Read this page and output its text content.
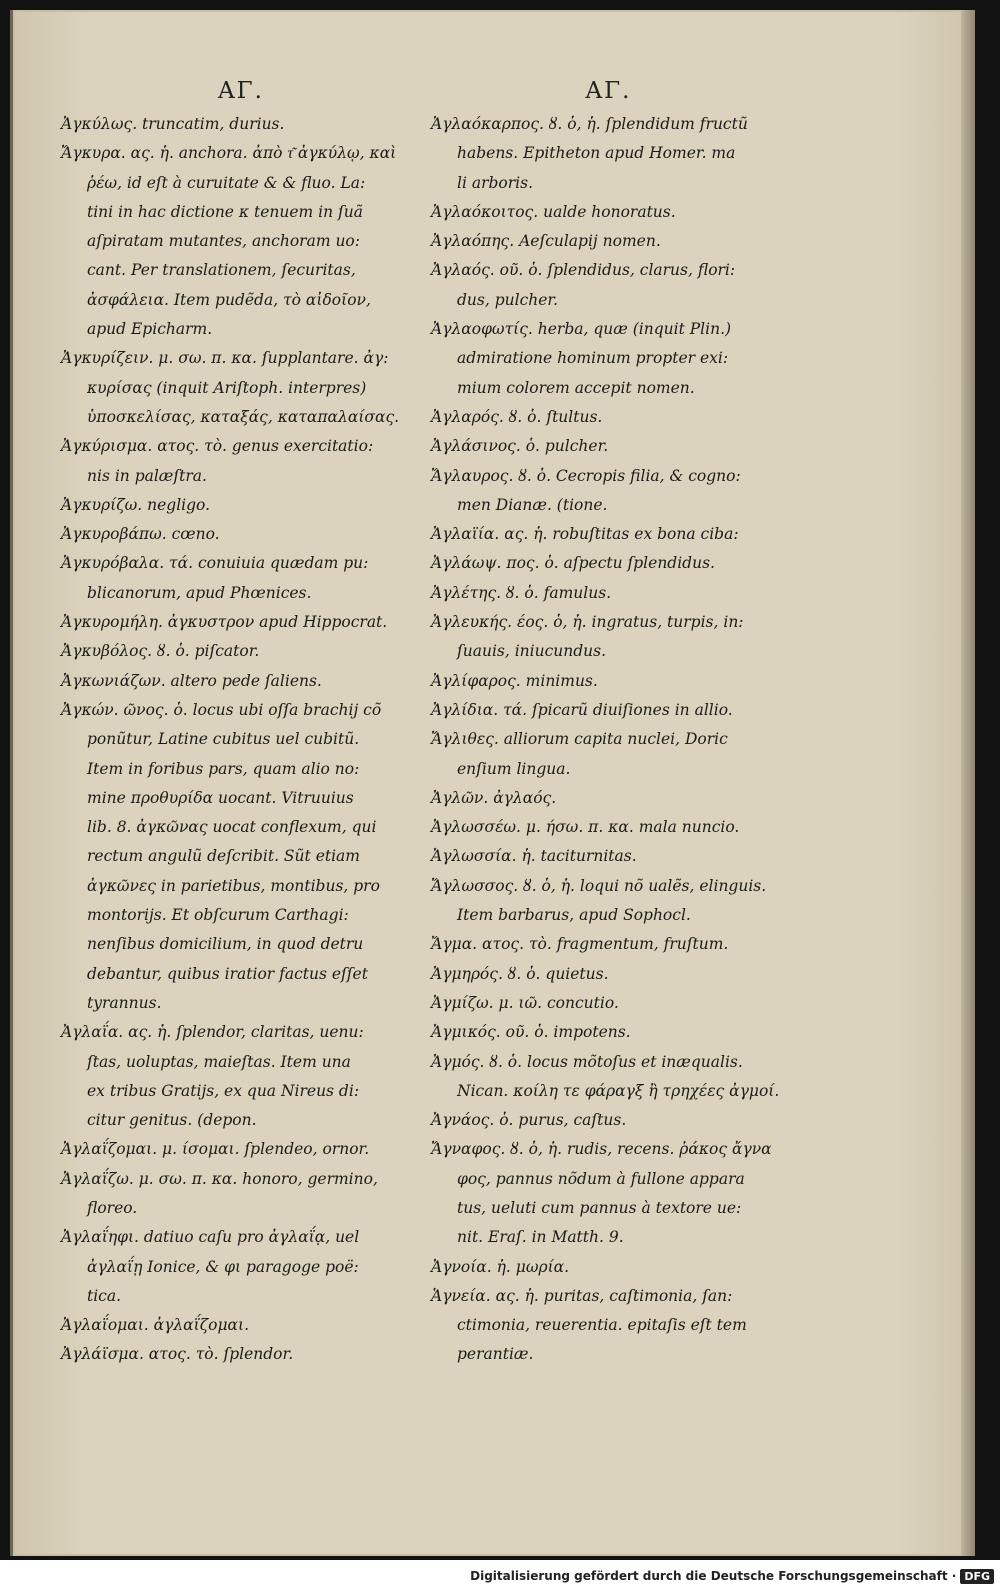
ΑΓ.
Ἀγκύλως. truncatim, durius.
Ἄγκυρα. ας. ἡ. anchora. ἀπὸ τ͂ ἀγκύλῳ, καὶ
ῥέω, id eſt à curuitate & & fluo. La:
tini in hac dictione κ tenuem in ſuã
aſpiratam mutantes, anchoram uo:
cant. Per translationem, ſecuritas,
ἀσφάλεια. Item pudẽda, τὸ αἰδοῖον,
apud Epicharm.
Ἀγκυρίζειν. μ. σω. π. κα. ſupplantare. ἀγ:
κυρίσας (inquit Ariſtoph. interpres)
ὑποσκελίσας, καταξάς, καταπαλαίσας.
Ἀγκύρισμα. ατος. τὸ. genus exercitatio:
nis in palæſtra.
Ἀγκυρίζω. negligo.
Ἀγκυροβάπω. cœno.
Ἀγκυρόβαλα. τά. conuiuia quædam pu:
blicanorum, apud Phœnices.
Ἀγκυρομήλη. ἀγκυστρον apud Hippocrat.
Ἀγκυβόλος. ȣ. ὁ. piſcator.
Ἀγκωνιάζων. altero pede ſaliens.
Ἀγκών. ῶνος. ὁ. locus ubi oſſa brachij cõ
ponũtur, Latine cubitus uel cubitũ.
Item in foribus pars, quam alio no:
mine προθυρίδα uocant. Vitruuius
lib. 8. ἀγκῶνας uocat conflexum, qui
rectum angulũ deſcribit. Sũt etiam
ἀγκῶνες in parietibus, montibus, pro
montorijs. Et obſcurum Carthagi:
nenſibus domicilium, in quod detru
debantur, quibus iratior factus eſſet
tyrannus.
Ἀγλαΐα. ας. ἡ. ſplendor, claritas, uenu:
ſtas, uoluptas, maieſtas. Item una
ex tribus Gratijs, ex qua Nireus di:
citur genitus. (depon.
Ἀγλαΐζομαι. μ. ίσομαι. ſplendeo, ornor.
Ἀγλαΐζω. μ. σω. π. κα. honoro, germino,
floreo.
Ἀγλαΐηφι. datiuo caſu pro ἀγλαΐᾳ, uel
ἀγλαΐῃ Ionice, & φι paragoge poë:
tica.
Ἀγλαΐομαι. ἀγλαΐζομαι.
Ἀγλάϊσμα. ατος. τὸ. ſplendor.
ΑΓ.
Ἀγλαόκαρπος. ȣ. ὁ, ἡ. ſplendidum fructũ
habens. Epitheton apud Homer. ma
li arboris.
Ἀγλαόκοιτος. ualde honoratus.
Ἀγλαόπης. Aeſculapij nomen.
Ἀγλαός. οῦ. ὁ. ſplendidus, clarus, flori:
dus, pulcher.
Ἀγλαοφωτίς. herba, quæ (inquit Plin.)
admiratione hominum propter exi:
mium colorem accepit nomen.
Ἀγλαρός. ȣ. ὁ. ſtultus.
Ἀγλάσινος. ὁ. pulcher.
Ἄγλαυρος. ȣ. ὁ. Cecropis filia, & cogno:
men Dianæ. (tione.
Ἀγλαϊία. ας. ἡ. robuſtitas ex bona ciba:
Ἀγλάωψ. πος. ὁ. aſpectu ſplendidus.
Ἀγλέτης. ȣ. ὁ. famulus.
Ἀγλευκής. έος. ὁ, ἡ. ingratus, turpis, in:
ſuauis, iniucundus.
Ἀγλίφαρος. minimus.
Ἀγλίδια. τά. ſpicarũ diuiſiones in allio.
Ἄγλιθες. alliorum capita nuclei, Doric
enſium lingua.
Ἀγλῶν. ἀγλαός.
Ἀγλωσσέω. μ. ήσω. π. κα. mala nuncio.
Ἀγλωσσία. ἡ. taciturnitas.
Ἄγλωσσος. ȣ. ὁ, ἡ. loqui nõ ualẽs, elinguis.
Item barbarus, apud Sophocl.
Ἄγμα. ατος. τὸ. fragmentum, fruſtum.
Ἀγμηρός. ȣ. ὁ. quietus.
Ἀγμίζω. μ. ιῶ. concutio.
Ἀγμικός. οῦ. ὁ. impotens.
Ἀγμός. ȣ. ὁ. locus mõtoſus et inæqualis.
Nican. κοίλη τε φάραγξ ἢ τρηχέες ἀγμοί.
Ἀγνάος. ὁ. purus, caſtus.
Ἄγναφος. ȣ. ὁ, ἡ. rudis, recens. ῥάκος ἄγνα
φος, pannus nõdum à fullone appara
tus, ueluti cum pannus à textore ue:
nit. Eraſ. in Matth. 9.
Ἀγνοία. ἡ. μωρία.
Ἁγνεία. ας. ἡ. puritas, caſtimonia, ſan:
ctimonia, reuerentia. epitaſis eſt tem
perantiæ.
Digitalisierung gefördert durch die Deutsche Forschungsgemeinschaft · DFG
